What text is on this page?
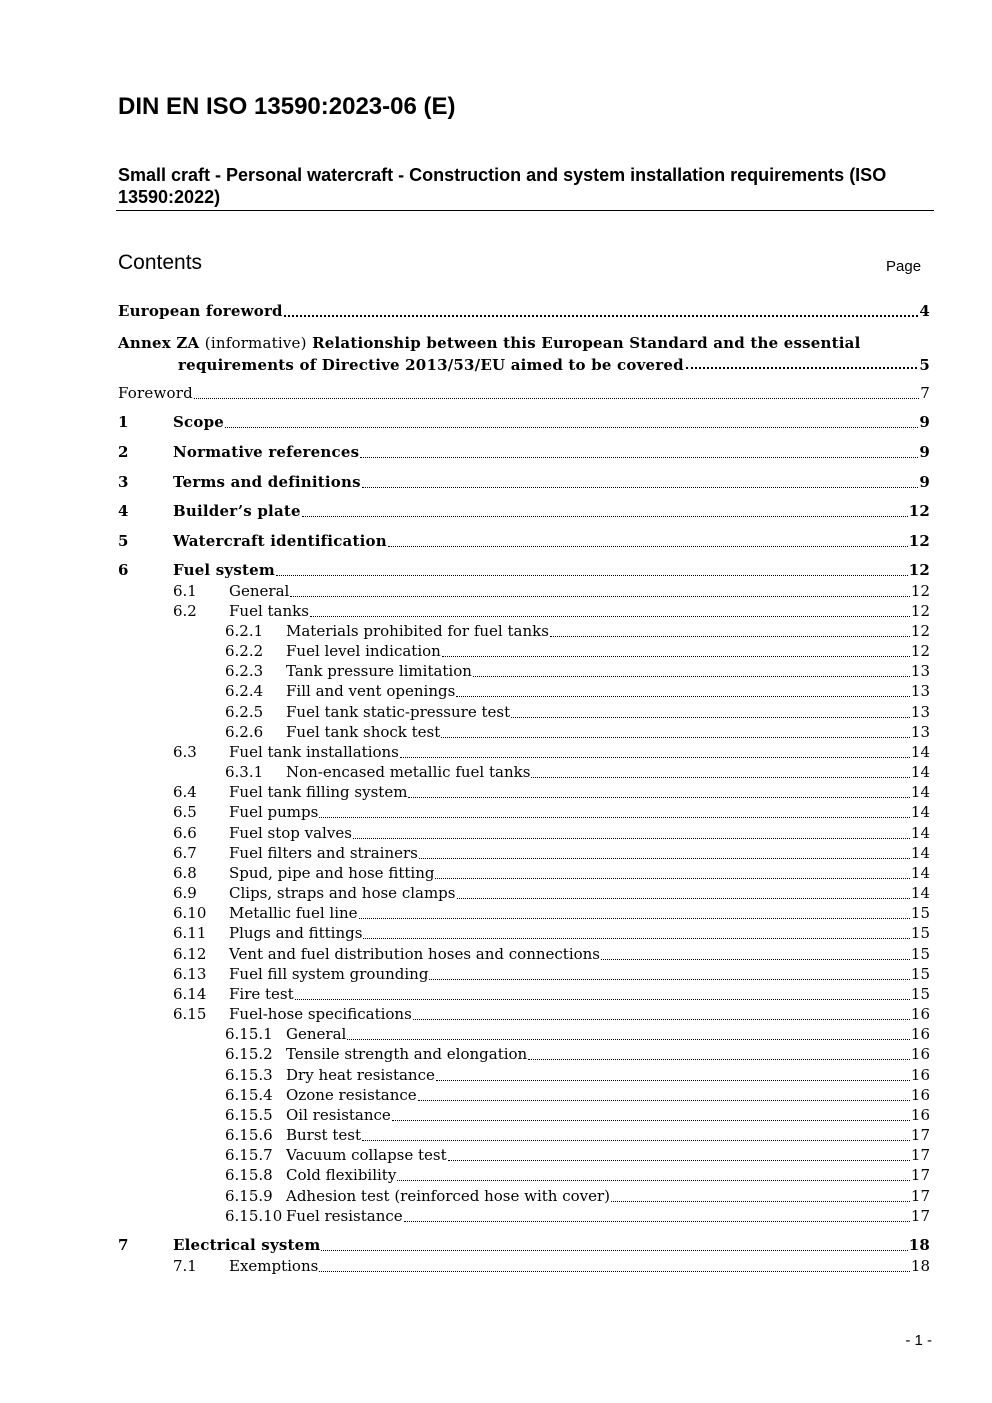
DIN EN ISO 13590:2023-06 (E)
Small craft - Personal watercraft - Construction and system installation requirements (ISO 13590:2022)
Contents	Page
European foreword	4
Annex ZA (informative) Relationship between this European Standard and the essential
requirements of Directive 2013/53/EU aimed to be covered	5
Foreword	7
1	Scope	9
2	Normative references	9
3	Terms and definitions	9
4	Builder’s plate	12
5	Watercraft identification	12
6	Fuel system	12
6.1	General	12
6.2	Fuel tanks	12
6.2.1	Materials prohibited for fuel tanks	12
6.2.2	Fuel level indication	12
6.2.3	Tank pressure limitation	13
6.2.4	Fill and vent openings	13
6.2.5	Fuel tank static-pressure test	13
6.2.6	Fuel tank shock test	13
6.3	Fuel tank installations	14
6.3.1	Non-encased metallic fuel tanks	14
6.4	Fuel tank filling system	14
6.5	Fuel pumps	14
6.6	Fuel stop valves	14
6.7	Fuel filters and strainers	14
6.8	Spud, pipe and hose fitting	14
6.9	Clips, straps and hose clamps	14
6.10	Metallic fuel line	15
6.11	Plugs and fittings	15
6.12	Vent and fuel distribution hoses and connections	15
6.13	Fuel fill system grounding	15
6.14	Fire test	15
6.15	Fuel-hose specifications	16
6.15.1 General	16
6.15.2 Tensile strength and elongation	16
6.15.3 Dry heat resistance	16
6.15.4 Ozone resistance	16
6.15.5 Oil resistance	16
6.15.6 Burst test	17
6.15.7 Vacuum collapse test	17
6.15.8 Cold flexibility	17
6.15.9 Adhesion test (reinforced hose with cover)	17
6.15.10 Fuel resistance	17
7	Electrical system	18
7.1	Exemptions	18
- 1 -
